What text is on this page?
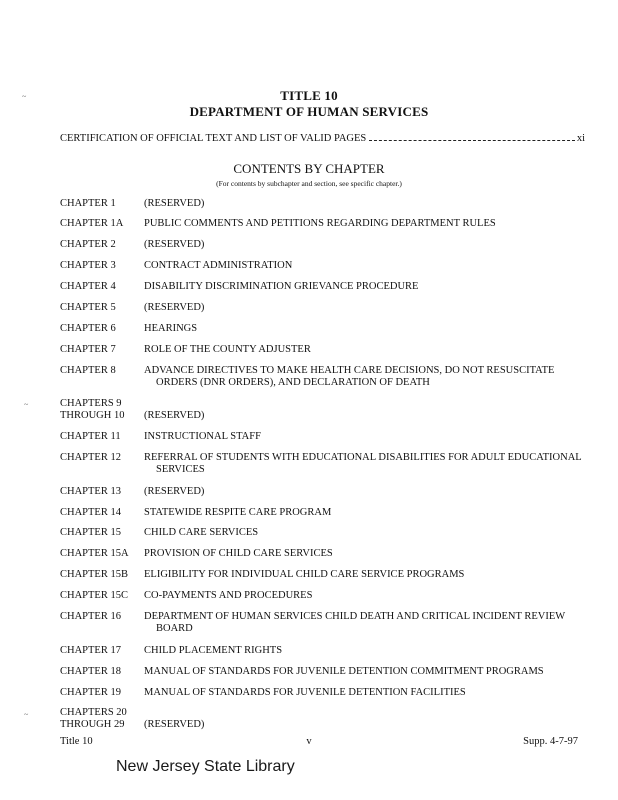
TITLE 10
DEPARTMENT OF HUMAN SERVICES
CERTIFICATION OF OFFICIAL TEXT AND LIST OF VALID PAGES	xi
CONTENTS BY CHAPTER
(For contents by subchapter and section, see specific chapter.)
CHAPTER 1	(RESERVED)
CHAPTER 1A	PUBLIC COMMENTS AND PETITIONS REGARDING DEPARTMENT RULES
CHAPTER 2	(RESERVED)
CHAPTER 3	CONTRACT ADMINISTRATION
CHAPTER 4	DISABILITY DISCRIMINATION GRIEVANCE PROCEDURE
CHAPTER 5	(RESERVED)
CHAPTER 6	HEARINGS
CHAPTER 7	ROLE OF THE COUNTY ADJUSTER
CHAPTER 8	ADVANCE DIRECTIVES TO MAKE HEALTH CARE DECISIONS, DO NOT RESUSCITATE
ORDERS (DNR ORDERS), AND DECLARATION OF DEATH
CHAPTERS 9
THROUGH 10	(RESERVED)
CHAPTER 11	INSTRUCTIONAL STAFF
CHAPTER 12	REFERRAL OF STUDENTS WITH EDUCATIONAL DISABILITIES FOR ADULT EDUCATIONAL
SERVICES
CHAPTER 13	(RESERVED)
CHAPTER 14	STATEWIDE RESPITE CARE PROGRAM
CHAPTER 15	CHILD CARE SERVICES
CHAPTER 15A	PROVISION OF CHILD CARE SERVICES
CHAPTER 15B	ELIGIBILITY FOR INDIVIDUAL CHILD CARE SERVICE PROGRAMS
CHAPTER 15C	CO-PAYMENTS AND PROCEDURES
CHAPTER 16	DEPARTMENT OF HUMAN SERVICES CHILD DEATH AND CRITICAL INCIDENT REVIEW
BOARD
CHAPTER 17	CHILD PLACEMENT RIGHTS
CHAPTER 18	MANUAL OF STANDARDS FOR JUVENILE DETENTION COMMITMENT PROGRAMS
CHAPTER 19	MANUAL OF STANDARDS FOR JUVENILE DETENTION FACILITIES
CHAPTERS 20
THROUGH 29	(RESERVED)
Title 10	v	Supp. 4-7-97
New Jersey State Library
~
~
~
